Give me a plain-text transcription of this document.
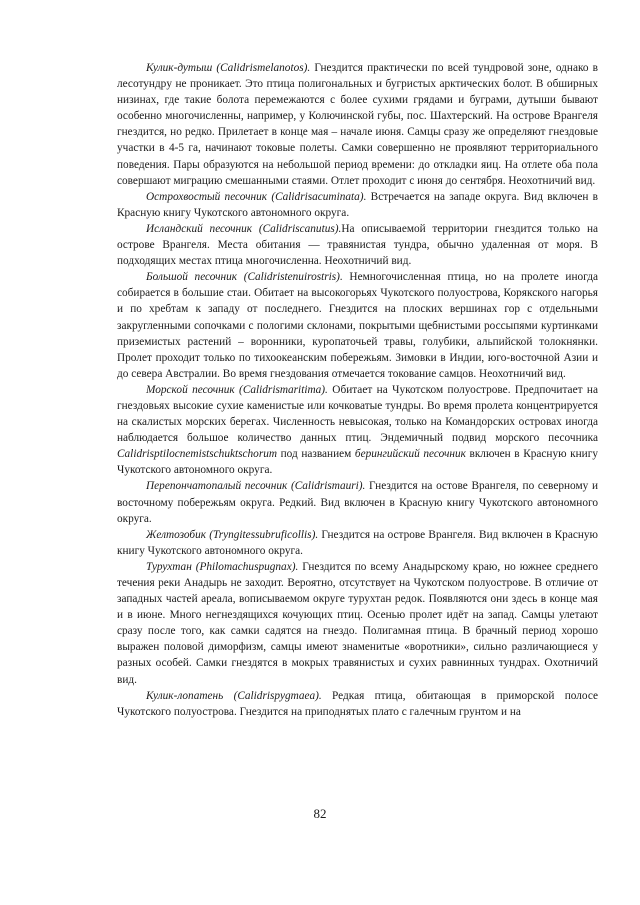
Кулик-дутыш (Calidrismelanotos). Гнездится практически по всей тундровой зоне, однако в лесотундрy не проникает. Это птица полигональных и бугристых арктических болот. В обширных низинах, где такие болота перемежаются с более сухими грядами и буграми, дутыши бывают особенно многочисленны, например, у Колючинской губы, пос. Шахтерский. На острове Врангеля гнездится, но редко. Прилетает в конце мая – начале июня. Самцы сразу же определяют гнездовые участки в 4-5 га, начинают токовые полеты. Самки совершенно не проявляют территориального поведения. Пары образуются на небольшой период времени: до откладки яиц. На отлете оба пола совершают миграцию смешанными стаями. Отлет проходит с июня до сентября. Неохотничий вид.

Острохвостый песочник (Calidrisacuminata). Встречается на западе округа. Вид включен в Красную книгу Чукотского автономного округа.

Исландский песочник (Calidriscanutus).На описываемой территории гнездится только на острове Врангеля. Места обитания — травянистая тундра, обычно удаленная от моря. В подходящих местах птица многочисленна. Неохотничий вид.

Большой песочник (Calidristenuirostris). Немногочисленная птица, но на пролете иногда собирается в большие стаи. Обитает на высокогорьях Чукотского полуострова, Корякского нагорья и по хребтам к западу от последнего. Гнездится на плоских вершинах гор с отдельными закругленными сопочками с пологими склонами, покрытыми щебнистыми россыпями куртинками приземистых растений – воронники, куропаточьей травы, голубики, альпийской толокнянки. Пролет проходит только по тихоокеанским побережьям. Зимовки в Индии, юго-восточной Азии и до севера Австралии. Во время гнездования отмечается токование самцов. Неохотничий вид.

Морской песочник (Calidrismaritima). Обитает на Чукотском полуострове. Предпочитает на гнездовьях высокие сухие каменистые или кочковатые тундры. Во время пролета концентрируется на скалистых морских берегах. Численность невысокая, только на Командорских островах иногда наблюдается большое количество данных птиц. Эндемичный подвид морского песочника Calidrisptilocnemistschuktschorum под названием берингийский песочник включен в Красную книгу Чукотского автономного округа.

Перепончатопалый песочник (Calidrismauri). Гнездится на остове Врангеля, по северному и восточному побережьям округа. Редкий. Вид включен в Красную книгу Чукотского автономного округа.

Желтозобик (Tryngitessubruficollis). Гнездится на острове Врангеля. Вид включен в Красную книгу Чукотского автономного округа.

Турухтан (Philomachuspugnax). Гнездится по всему Анадырскому краю, но южнее среднего течения реки Анадырь не заходит. Вероятно, отсутствует на Чукотском полуострове. В отличие от западных частей ареала, вописываемом округе турухтан редок. Появляются они здесь в конце мая и в июне. Много негнездящихся кочующих птиц. Осенью пролет идёт на запад. Самцы улетают сразу после того, как самки садятся на гнездо. Полигамная птица. В брачный период хорошо выражен половой диморфизм, самцы имеют знаменитые «воротники», сильно различающиеся у разных особей. Самки гнездятся в мокрых травянистых и сухих равнинных тундрах. Охотничий вид.

Кулик-лопатень (Calidrispygmaea). Редкая птица, обитающая в приморской полосе Чукотского полуострова. Гнездится на приподнятых плато с галечным грунтом и на

82
